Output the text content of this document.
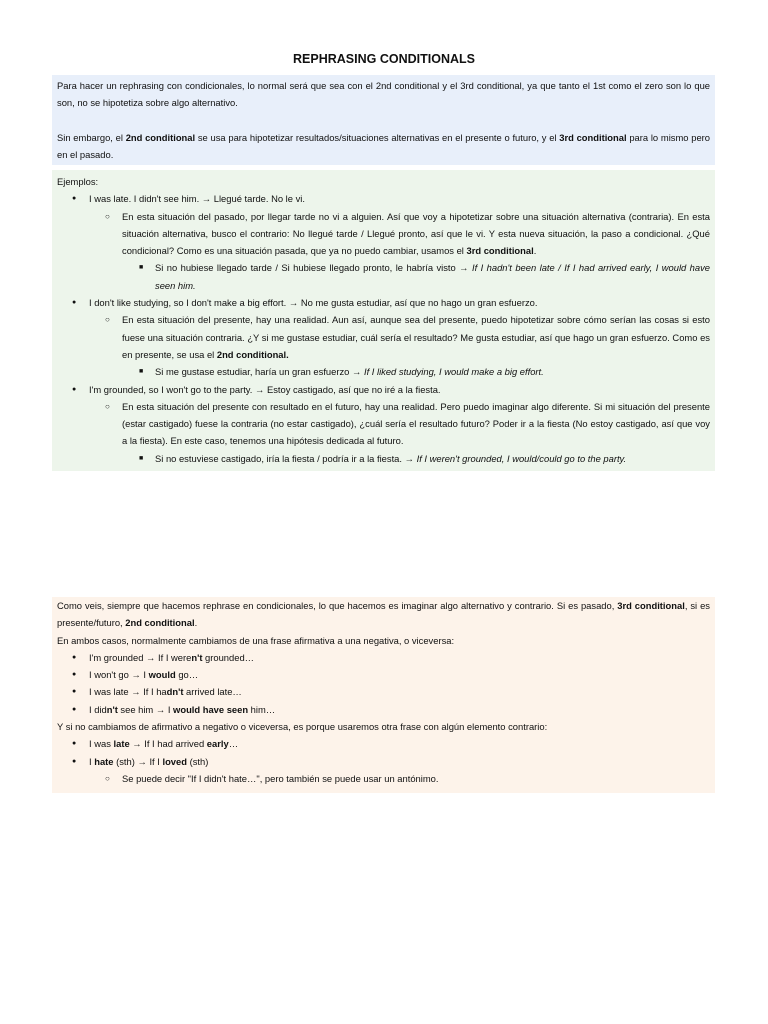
REPHRASING CONDITIONALS

Para hacer un rephrasing con condicionales, lo normal será que sea con el 2nd conditional y el 3rd conditional, ya que tanto el 1st como el zero son lo que son, no se hipotetiza sobre algo alternativo.

Sin embargo, el 2nd conditional se usa para hipotetizar resultados/situaciones alternativas en el presente o futuro, y el 3rd conditional para lo mismo pero en el pasado.

Ejemplos:

● I was late. I didn't see him. → Llegué tarde. No le vi.
○ En esta situación del pasado, por llegar tarde no vi a alguien. Así que voy a hipotetizar sobre una situación alternativa (contraria). En esta situación alternativa, busco el contrario: No llegué tarde / Llegué pronto, así que le vi. Y esta nueva situación, la paso a condicional. ¿Qué condicional? Como es una situación pasada, que ya no puedo cambiar, usamos el 3rd conditional.
■ Si no hubiese llegado tarde / Si hubiese llegado pronto, le habría visto → If I hadn't been late / If I had arrived early, I would have seen him.
● I don't like studying, so I don't make a big effort. → No me gusta estudiar, así que no hago un gran esfuerzo.
○ En esta situación del presente, hay una realidad. Aun así, aunque sea del presente, puedo hipotetizar sobre cómo serían las cosas si esto fuese una situación contraria. ¿Y si me gustase estudiar, cuál sería el resultado? Me gusta estudiar, así que hago un gran esfuerzo. Como es en presente, se usa el 2nd conditional.
■ Si me gustase estudiar, haría un gran esfuerzo → If I liked studying, I would make a big effort.
● I'm grounded, so I won't go to the party. → Estoy castigado, así que no iré a la fiesta.
○ En esta situación del presente con resultado en el futuro, hay una realidad. Pero puedo imaginar algo diferente. Si mi situación del presente (estar castigado) fuese la contraria (no estar castigado), ¿cuál sería el resultado futuro? Poder ir a la fiesta (No estoy castigado, así que voy a la fiesta). En este caso, tenemos una hipótesis dedicada al futuro.
■ Si no estuviese castigado, iría la fiesta / podría ir a la fiesta. → If I weren't grounded, I would/could go to the party.

Como veis, siempre que hacemos rephrase en condicionales, lo que hacemos es imaginar algo alternativo y contrario. Si es pasado, 3rd conditional, si es presente/futuro, 2nd conditional.

En ambos casos, normalmente cambiamos de una frase afirmativa a una negativa, o viceversa:

● I'm grounded → If I weren't grounded…
● I won't go → I would go…
● I was late → If I hadn't arrived late…
● I didn't see him → I would have seen him…

Y si no cambiamos de afirmativo a negativo o viceversa, es porque usaremos otra frase con algún elemento contrario:

● I was late → If I had arrived early…
● I hate (sth) → If I loved (sth)
○ Se puede decir "If I didn't hate…", pero también se puede usar un antónimo.
